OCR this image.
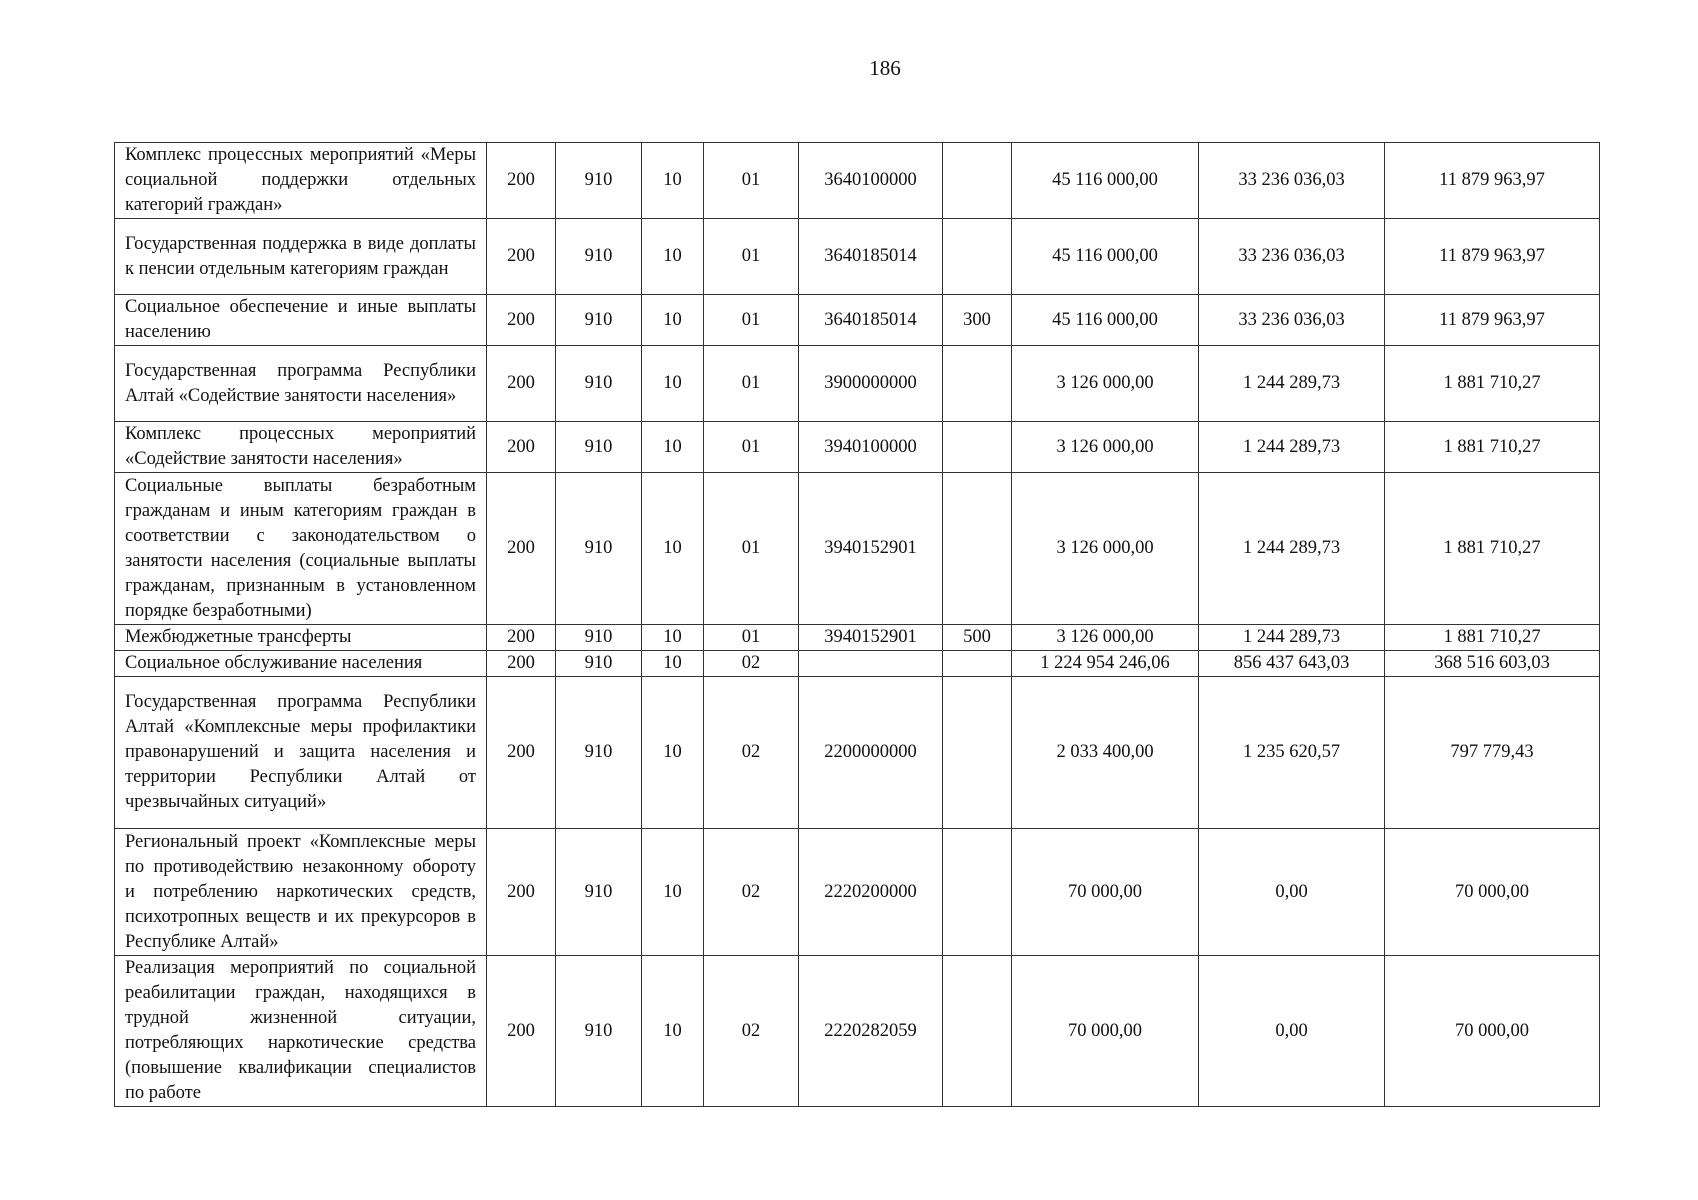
186
Комплекс процессных мероприятий «Меры социальной поддержки отдельных категорий граждан»	200	910	10	01	3640100000		45 116 000,00	33 236 036,03	11 879 963,97
Государственная поддержка в виде доплаты к пенсии отдельным категориям граждан	200	910	10	01	3640185014		45 116 000,00	33 236 036,03	11 879 963,97
Социальное обеспечение и иные выплаты населению	200	910	10	01	3640185014	300	45 116 000,00	33 236 036,03	11 879 963,97
Государственная программа Республики Алтай «Содействие занятости населения»	200	910	10	01	3900000000		3 126 000,00	1 244 289,73	1 881 710,27
Комплекс процессных мероприятий «Содействие занятости населения»	200	910	10	01	3940100000		3 126 000,00	1 244 289,73	1 881 710,27
Социальные выплаты безработным гражданам и иным категориям граждан в соответствии с законодательством о занятости населения (социальные выплаты гражданам, признанным в установленном порядке безработными)	200	910	10	01	3940152901		3 126 000,00	1 244 289,73	1 881 710,27
Межбюджетные трансферты	200	910	10	01	3940152901	500	3 126 000,00	1 244 289,73	1 881 710,27
Социальное обслуживание населения	200	910	10	02			1 224 954 246,06	856 437 643,03	368 516 603,03
Государственная программа Республики Алтай «Комплексные меры профилактики правонарушений и защита населения и территории Республики Алтай от чрезвычайных ситуаций»	200	910	10	02	2200000000		2 033 400,00	1 235 620,57	797 779,43
Региональный проект «Комплексные меры по противодействию незаконному обороту и потреблению наркотических средств, психотропных веществ и их прекурсоров в Республике Алтай»	200	910	10	02	2220200000		70 000,00	0,00	70 000,00
Реализация мероприятий по социальной реабилитации граждан, находящихся в трудной жизненной ситуации, потребляющих наркотические средства (повышение квалификации специалистов по работе	200	910	10	02	2220282059		70 000,00	0,00	70 000,00
